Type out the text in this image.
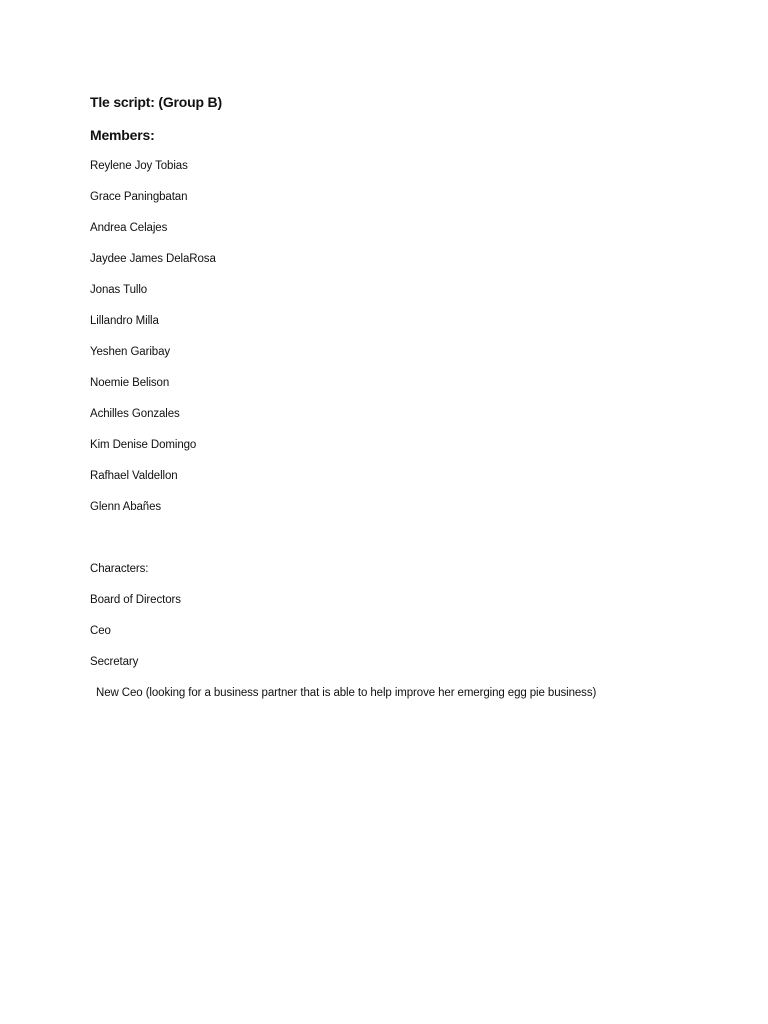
Tle script: (Group B)
Members:
Reylene Joy Tobias
Grace Paningbatan
Andrea Celajes
Jaydee James DelaRosa
Jonas Tullo
Lillandro Milla
Yeshen Garibay
Noemie Belison
Achilles Gonzales
Kim Denise Domingo
Rafhael Valdellon
Glenn Abañes
Characters:
Board of Directors
Ceo
Secretary
New Ceo (looking for a business partner that is able to help improve her emerging egg pie business)
